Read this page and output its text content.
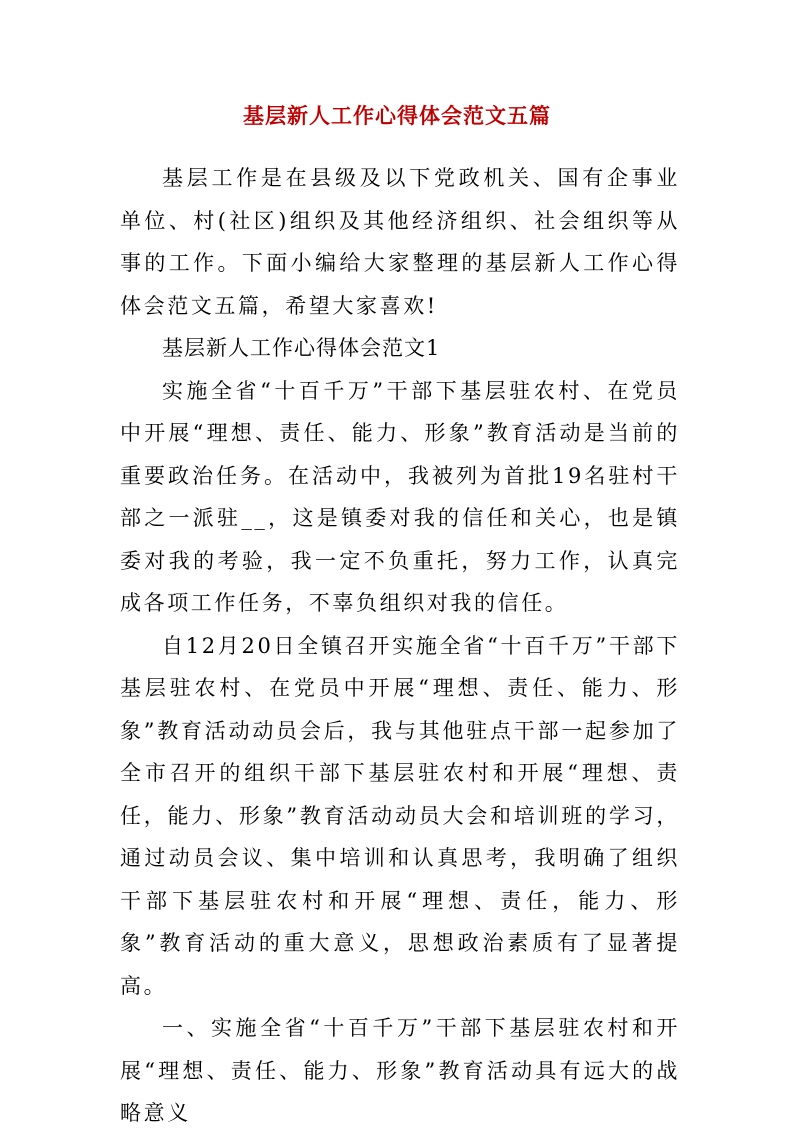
基层新人工作心得体会范文五篇

基层工作是在县级及以下党政机关、国有企事业单位、村(社区)组织及其他经济组织、社会组织等从事的工作。下面小编给大家整理的基层新人工作心得体会范文五篇，希望大家喜欢!

基层新人工作心得体会范文1

实施全省“十百千万”干部下基层驻农村、在党员中开展“理想、责任、能力、形象”教育活动是当前的重要政治任务。在活动中，我被列为首批19名驻村干部之一派驻__，这是镇委对我的信任和关心，也是镇委对我的考验，我一定不负重托，努力工作，认真完成各项工作任务，不辜负组织对我的信任。

自12月20日全镇召开实施全省“十百千万”干部下基层驻农村、在党员中开展“理想、责任、能力、形象”教育活动动员会后，我与其他驻点干部一起参加了全市召开的组织干部下基层驻农村和开展“理想、责任，能力、形象”教育活动动员大会和培训班的学习，通过动员会议、集中培训和认真思考，我明确了组织干部下基层驻农村和开展“理想、责任，能力、形象”教育活动的重大意义，思想政治素质有了显著提高。

一、实施全省“十百千万”干部下基层驻农村和开展“理想、责任、能力、形象”教育活动具有远大的战略意义
